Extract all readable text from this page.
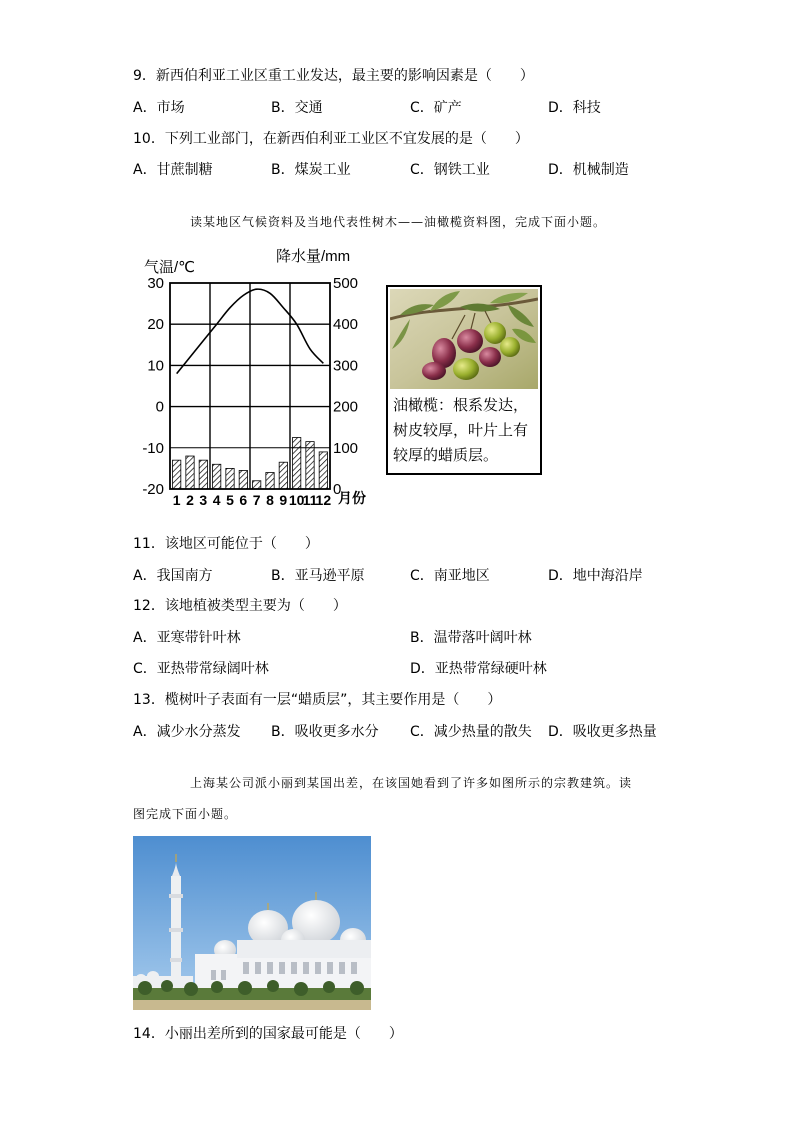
9．新西伯利亚工业区重工业发达，最主要的影响因素是（　　）
A．市场	B．交通	C．矿产	D．科技
10．下列工业部门，在新西伯利亚工业区不宜发展的是（　　）
A．甘蔗制糖	B．煤炭工业	C．钢铁工业	D．机械制造
读某地区气候资料及当地代表性树木——油橄榄资料图，完成下面小题。
30
20
10
0
-10
-20
500
400
300
200
100
0
1 2 3 4 5 6 7 8 9 10
11
12
气温/℃
降水量/mm
月份
油橄榄：根系发达，树皮较厚，叶片上有较厚的蜡质层。
11．该地区可能位于（　　）
A．我国南方	B．亚马逊平原	C．南亚地区	D．地中海沿岸
12．该地植被类型主要为（　　）
A．亚寒带针叶林	B．温带落叶阔叶林
C．亚热带常绿阔叶林	D．亚热带常绿硬叶林
13．榄树叶子表面有一层“蜡质层”，其主要作用是（　　）
A．减少水分蒸发 B．吸收更多水分 C．减少热量的散失 D．吸收更多热量
上海某公司派小丽到某国出差，在该国她看到了许多如图所示的宗教建筑。读
图完成下面小题。
14．小丽出差所到的国家最可能是（　　）
